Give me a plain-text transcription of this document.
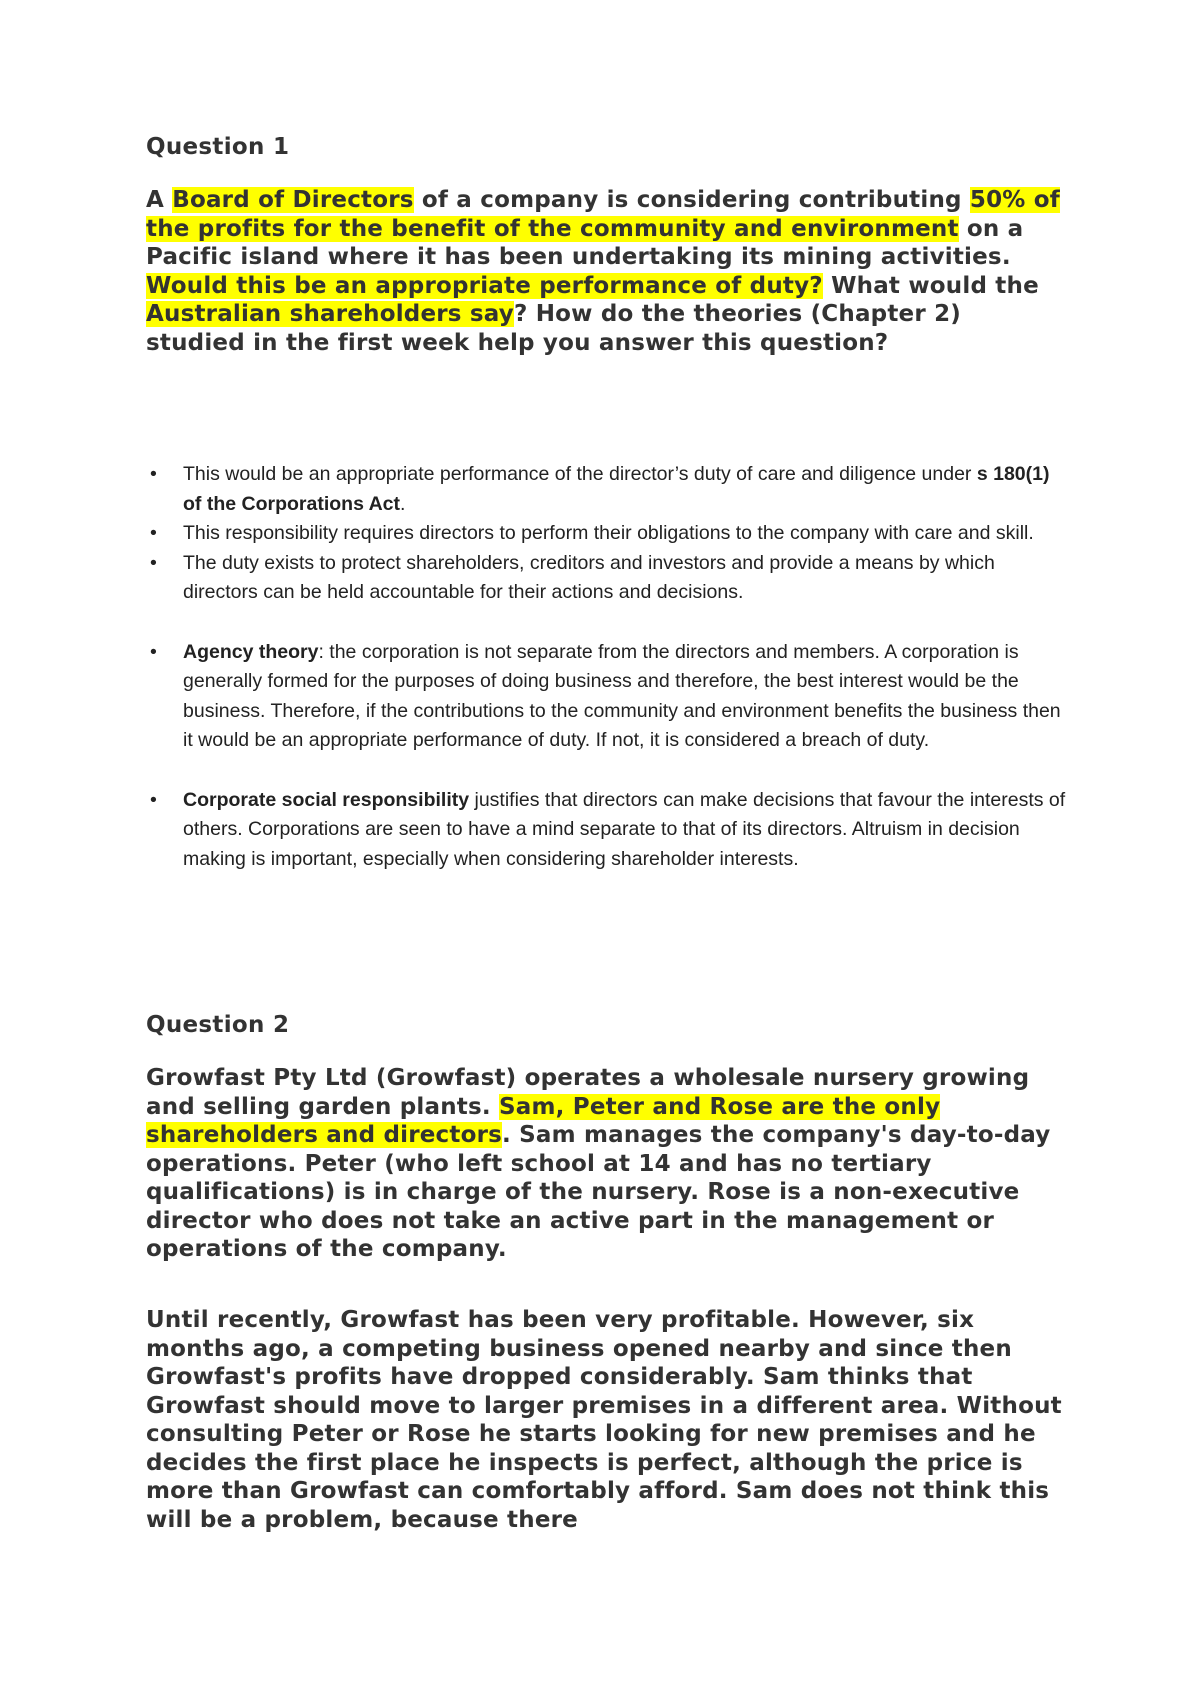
Question 1
A Board of Directors of a company is considering contributing 50% of the profits for the benefit of the community and environment on a Pacific island where it has been undertaking its mining activities. Would this be an appropriate performance of duty? What would the Australian shareholders say? How do the theories (Chapter 2) studied in the first week help you answer this question?
• This would be an appropriate performance of the director’s duty of care and diligence under s 180(1) of the Corporations Act.
• This responsibility requires directors to perform their obligations to the company with care and skill.
• The duty exists to protect shareholders, creditors and investors and provide a means by which directors can be held accountable for their actions and decisions.
• Agency theory: the corporation is not separate from the directors and members. A corporation is generally formed for the purposes of doing business and therefore, the best interest would be the business. Therefore, if the contributions to the community and environment benefits the business then it would be an appropriate performance of duty. If not, it is considered a breach of duty.
• Corporate social responsibility justifies that directors can make decisions that favour the interests of others. Corporations are seen to have a mind separate to that of its directors. Altruism in decision making is important, especially when considering shareholder interests.
Question 2
Growfast Pty Ltd (Growfast) operates a wholesale nursery growing and selling garden plants. Sam, Peter and Rose are the only shareholders and directors. Sam manages the company's day-to-day operations. Peter (who left school at 14 and has no tertiary qualifications) is in charge of the nursery. Rose is a non-executive director who does not take an active part in the management or operations of the company.
Until recently, Growfast has been very profitable. However, six months ago, a competing business opened nearby and since then Growfast's profits have dropped considerably. Sam thinks that Growfast should move to larger premises in a different area. Without consulting Peter or Rose he starts looking for new premises and he decides the first place he inspects is perfect, although the price is more than Growfast can comfortably afford. Sam does not think this will be a problem, because there
